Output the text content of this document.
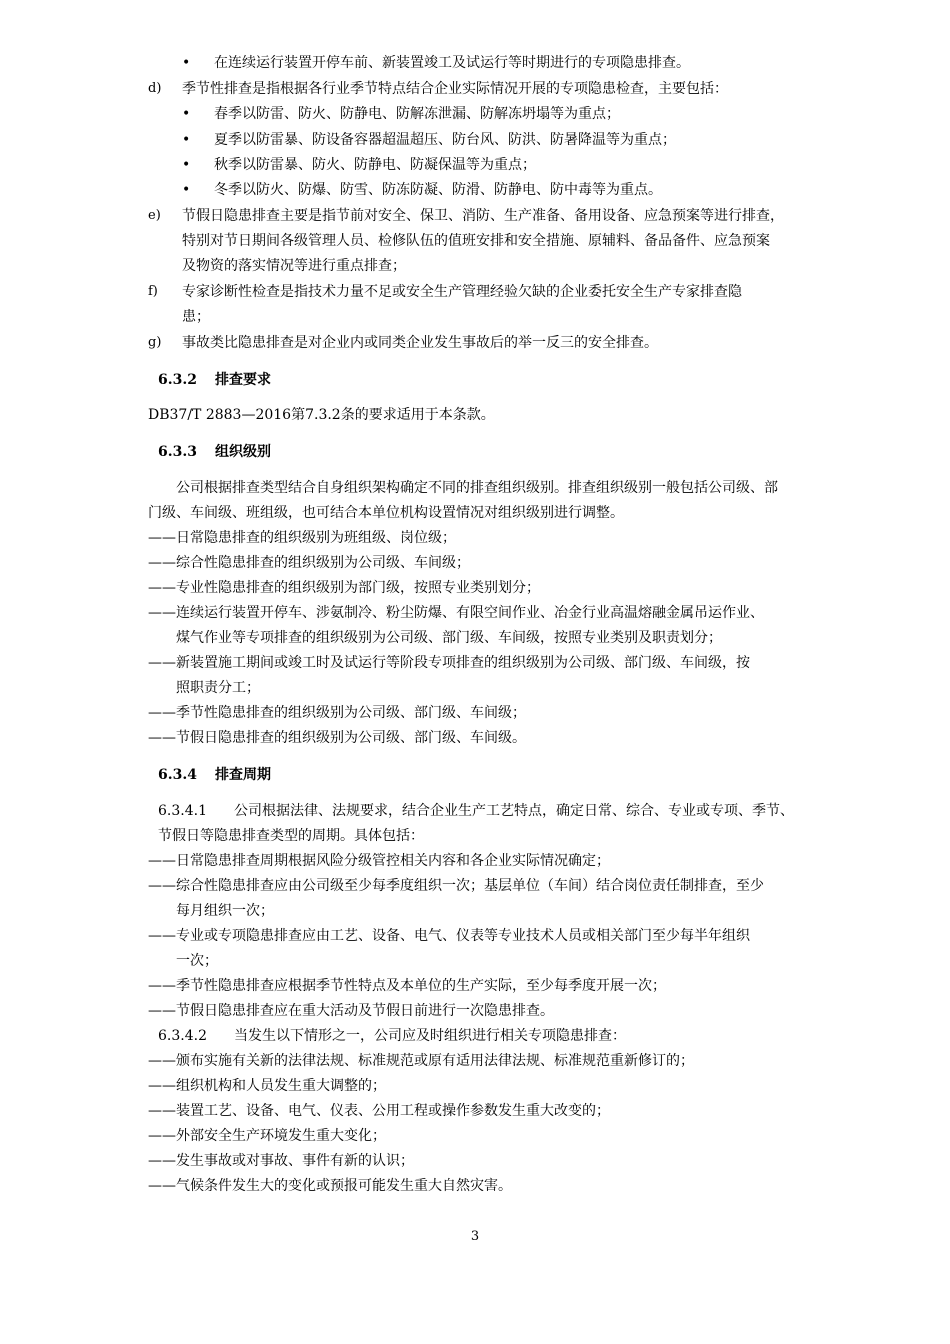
• 在连续运行装置开停车前、新装置竣工及试运行等时期进行的专项隐患排查。
d) 季节性排查是指根据各行业季节特点结合企业实际情况开展的专项隐患检查，主要包括：
• 春季以防雷、防火、防静电、防解冻泄漏、防解冻坍塌等为重点；
• 夏季以防雷暴、防设备容器超温超压、防台风、防洪、防暑降温等为重点；
• 秋季以防雷暴、防火、防静电、防凝保温等为重点；
• 冬季以防火、防爆、防雪、防冻防凝、防滑、防静电、防中毒等为重点。
e) 节假日隐患排查主要是指节前对安全、保卫、消防、生产准备、备用设备、应急预案等进行排查，
特别对节日期间各级管理人员、检修队伍的值班安排和安全措施、原辅料、备品备件、应急预案
及物资的落实情况等进行重点排查；
f) 专家诊断性检查是指技术力量不足或安全生产管理经验欠缺的企业委托安全生产专家排查隐
患；
g) 事故类比隐患排查是对企业内或同类企业发生事故后的举一反三的安全排查。
6.3.2 排查要求
DB37/T 2883—2016第7.3.2条的要求适用于本条款。
6.3.3 组织级别
公司根据排查类型结合自身组织架构确定不同的排查组织级别。排查组织级别一般包括公司级、部
门级、车间级、班组级，也可结合本单位机构设置情况对组织级别进行调整。
——日常隐患排查的组织级别为班组级、岗位级；
——综合性隐患排查的组织级别为公司级、车间级；
——专业性隐患排查的组织级别为部门级，按照专业类别划分；
——连续运行装置开停车、涉氨制冷、粉尘防爆、有限空间作业、冶金行业高温熔融金属吊运作业、
煤气作业等专项排查的组织级别为公司级、部门级、车间级，按照专业类别及职责划分；
——新装置施工期间或竣工时及试运行等阶段专项排查的组织级别为公司级、部门级、车间级，按
照职责分工；
——季节性隐患排查的组织级别为公司级、部门级、车间级；
——节假日隐患排查的组织级别为公司级、部门级、车间级。
6.3.4 排查周期
6.3.4.1 公司根据法律、法规要求，结合企业生产工艺特点，确定日常、综合、专业或专项、季节、
节假日等隐患排查类型的周期。具体包括：
——日常隐患排查周期根据风险分级管控相关内容和各企业实际情况确定；
——综合性隐患排查应由公司级至少每季度组织一次；基层单位（车间）结合岗位责任制排查，至少
每月组织一次；
——专业或专项隐患排查应由工艺、设备、电气、仪表等专业技术人员或相关部门至少每半年组织
一次；
——季节性隐患排查应根据季节性特点及本单位的生产实际，至少每季度开展一次；
——节假日隐患排查应在重大活动及节假日前进行一次隐患排查。
6.3.4.2 当发生以下情形之一，公司应及时组织进行相关专项隐患排查：
——颁布实施有关新的法律法规、标准规范或原有适用法律法规、标准规范重新修订的；
——组织机构和人员发生重大调整的；
——装置工艺、设备、电气、仪表、公用工程或操作参数发生重大改变的；
——外部安全生产环境发生重大变化；
——发生事故或对事故、事件有新的认识；
——气候条件发生大的变化或预报可能发生重大自然灾害。
3
